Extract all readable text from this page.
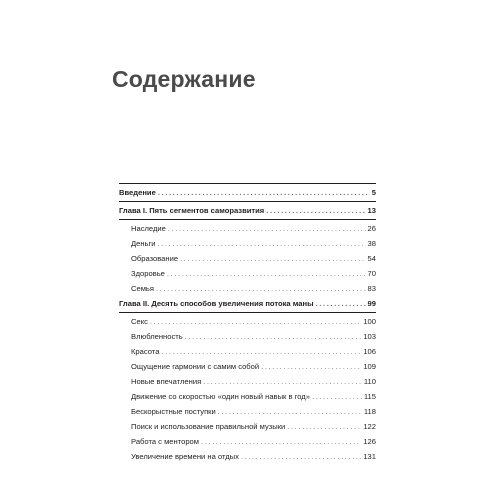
Содержание
Введение .....	5
Глава I. Пять сегментов саморазвития .....	13
Наследие .....	26
Деньги .....	38
Образование .....	54
Здоровье .....	70
Семья .....	83
Глава II. Десять способов увеличения потока маны .....	99
Секс .....	100
Влюбленность .....	103
Красота .....	106
Ощущение гармонии с самим собой .....	109
Новые впечатления .....	110
Движение со скоростью «один новый навык в год» .....	115
Бескорыстные поступки .....	118
Поиск и использование правильной музыки .....	122
Работа с ментором .....	126
Увеличение времени на отдых .....	131
